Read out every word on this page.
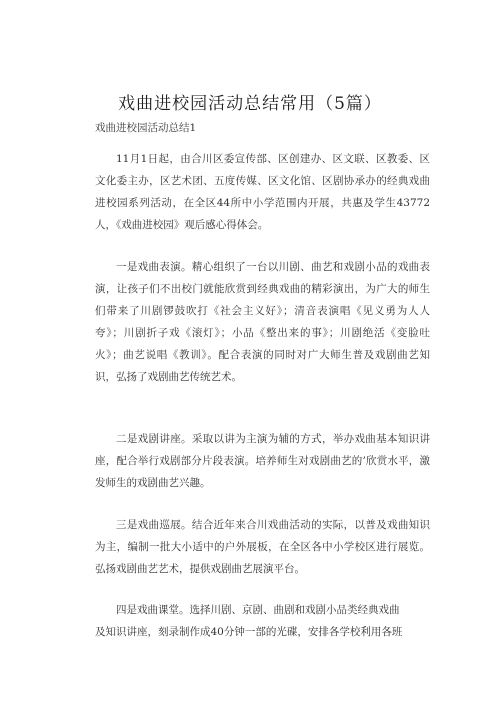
戏曲进校园活动总结常用（5篇）
戏曲进校园活动总结1

11月1日起，由合川区委宣传部、区创建办、区文联、区教委、区文化委主办，区艺术团、五度传媒、区文化馆、区剧协承办的经典戏曲进校园系列活动，在全区44所中小学范围内开展，共惠及学生43772人，《戏曲进校园》观后感心得体会。

一是戏曲表演。精心组织了一台以川剧、曲艺和戏剧小品的戏曲表演，让孩子们不出校门就能欣赏到经典戏曲的精彩演出，为广大的师生们带来了川剧锣鼓吹打《社会主义好》；清音表演唱《见义勇为人人夸》；川剧折子戏《滚灯》；小品《整出来的事》；川剧绝活《变脸吐火》；曲艺说唱《教训》。配合表演的同时对广大师生普及戏剧曲艺知识，弘扬了戏剧曲艺传统艺术。

二是戏剧讲座。采取以讲为主演为辅的方式，举办戏曲基本知识讲座，配合举行戏剧部分片段表演。培养师生对戏剧曲艺的’欣赏水平，激发师生的戏剧曲艺兴趣。

三是戏曲巡展。结合近年来合川戏曲活动的实际，以普及戏曲知识为主，编制一批大小适中的户外展板，在全区各中小学校区进行展览。弘扬戏剧曲艺艺术，提供戏剧曲艺展演平台。

四是戏曲课堂。选择川剧、京剧、曲剧和戏剧小品类经典戏曲
及知识讲座，刻录制作成40分钟一部的光碟，安排各学校利用各班
